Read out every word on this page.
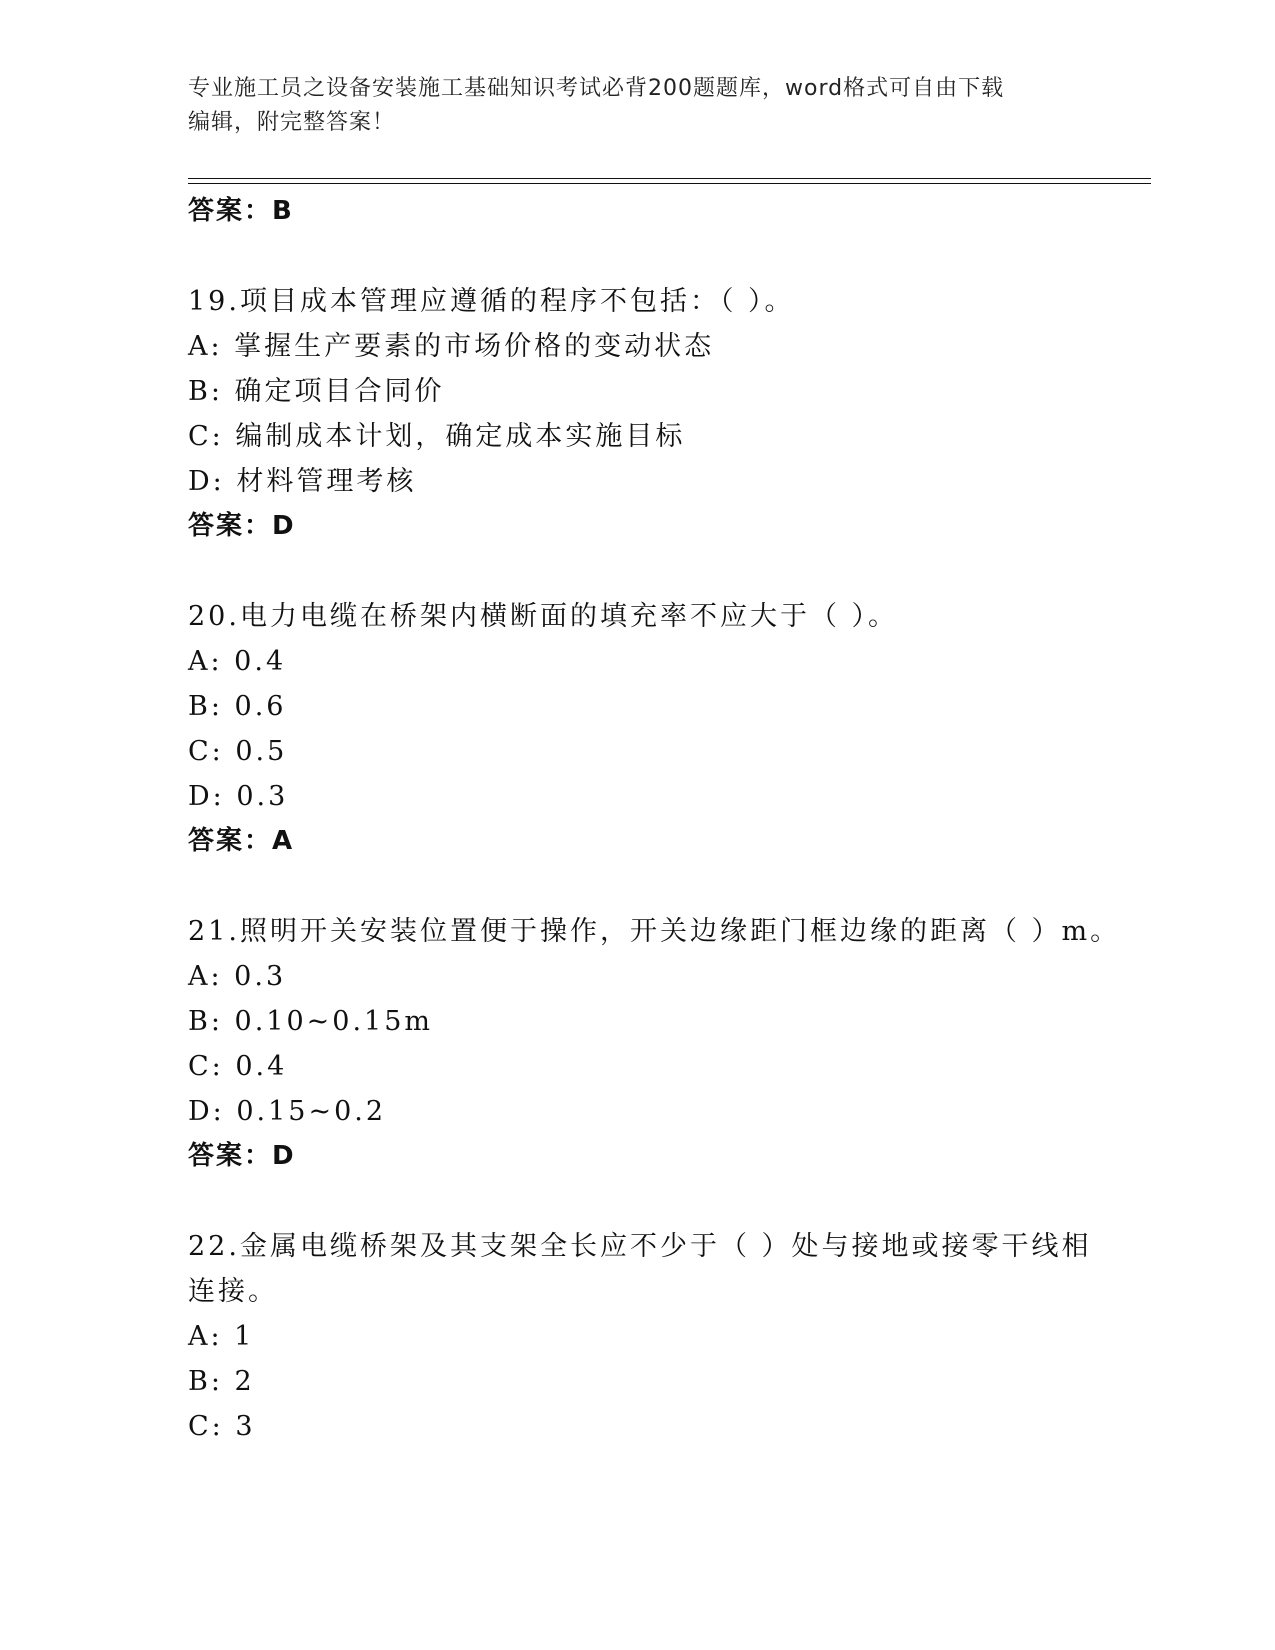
专业施工员之设备安装施工基础知识考试必背200题题库，word格式可自由下载
编辑，附完整答案！
答案：B
19.项目成本管理应遵循的程序不包括：（ ）。
A: 掌握生产要素的市场价格的变动状态
B: 确定项目合同价
C: 编制成本计划，确定成本实施目标
D: 材料管理考核
答案：D
20.电力电缆在桥架内横断面的填充率不应大于（ ）。
A: 0.4
B: 0.6
C: 0.5
D: 0.3
答案：A
21.照明开关安装位置便于操作，开关边缘距门框边缘的距离（ ）m。
A: 0.3
B: 0.10~0.15m
C: 0.4
D: 0.15~0.2
答案：D
22.金属电缆桥架及其支架全长应不少于（ ）处与接地或接零干线相
连接。
A: 1
B: 2
C: 3
